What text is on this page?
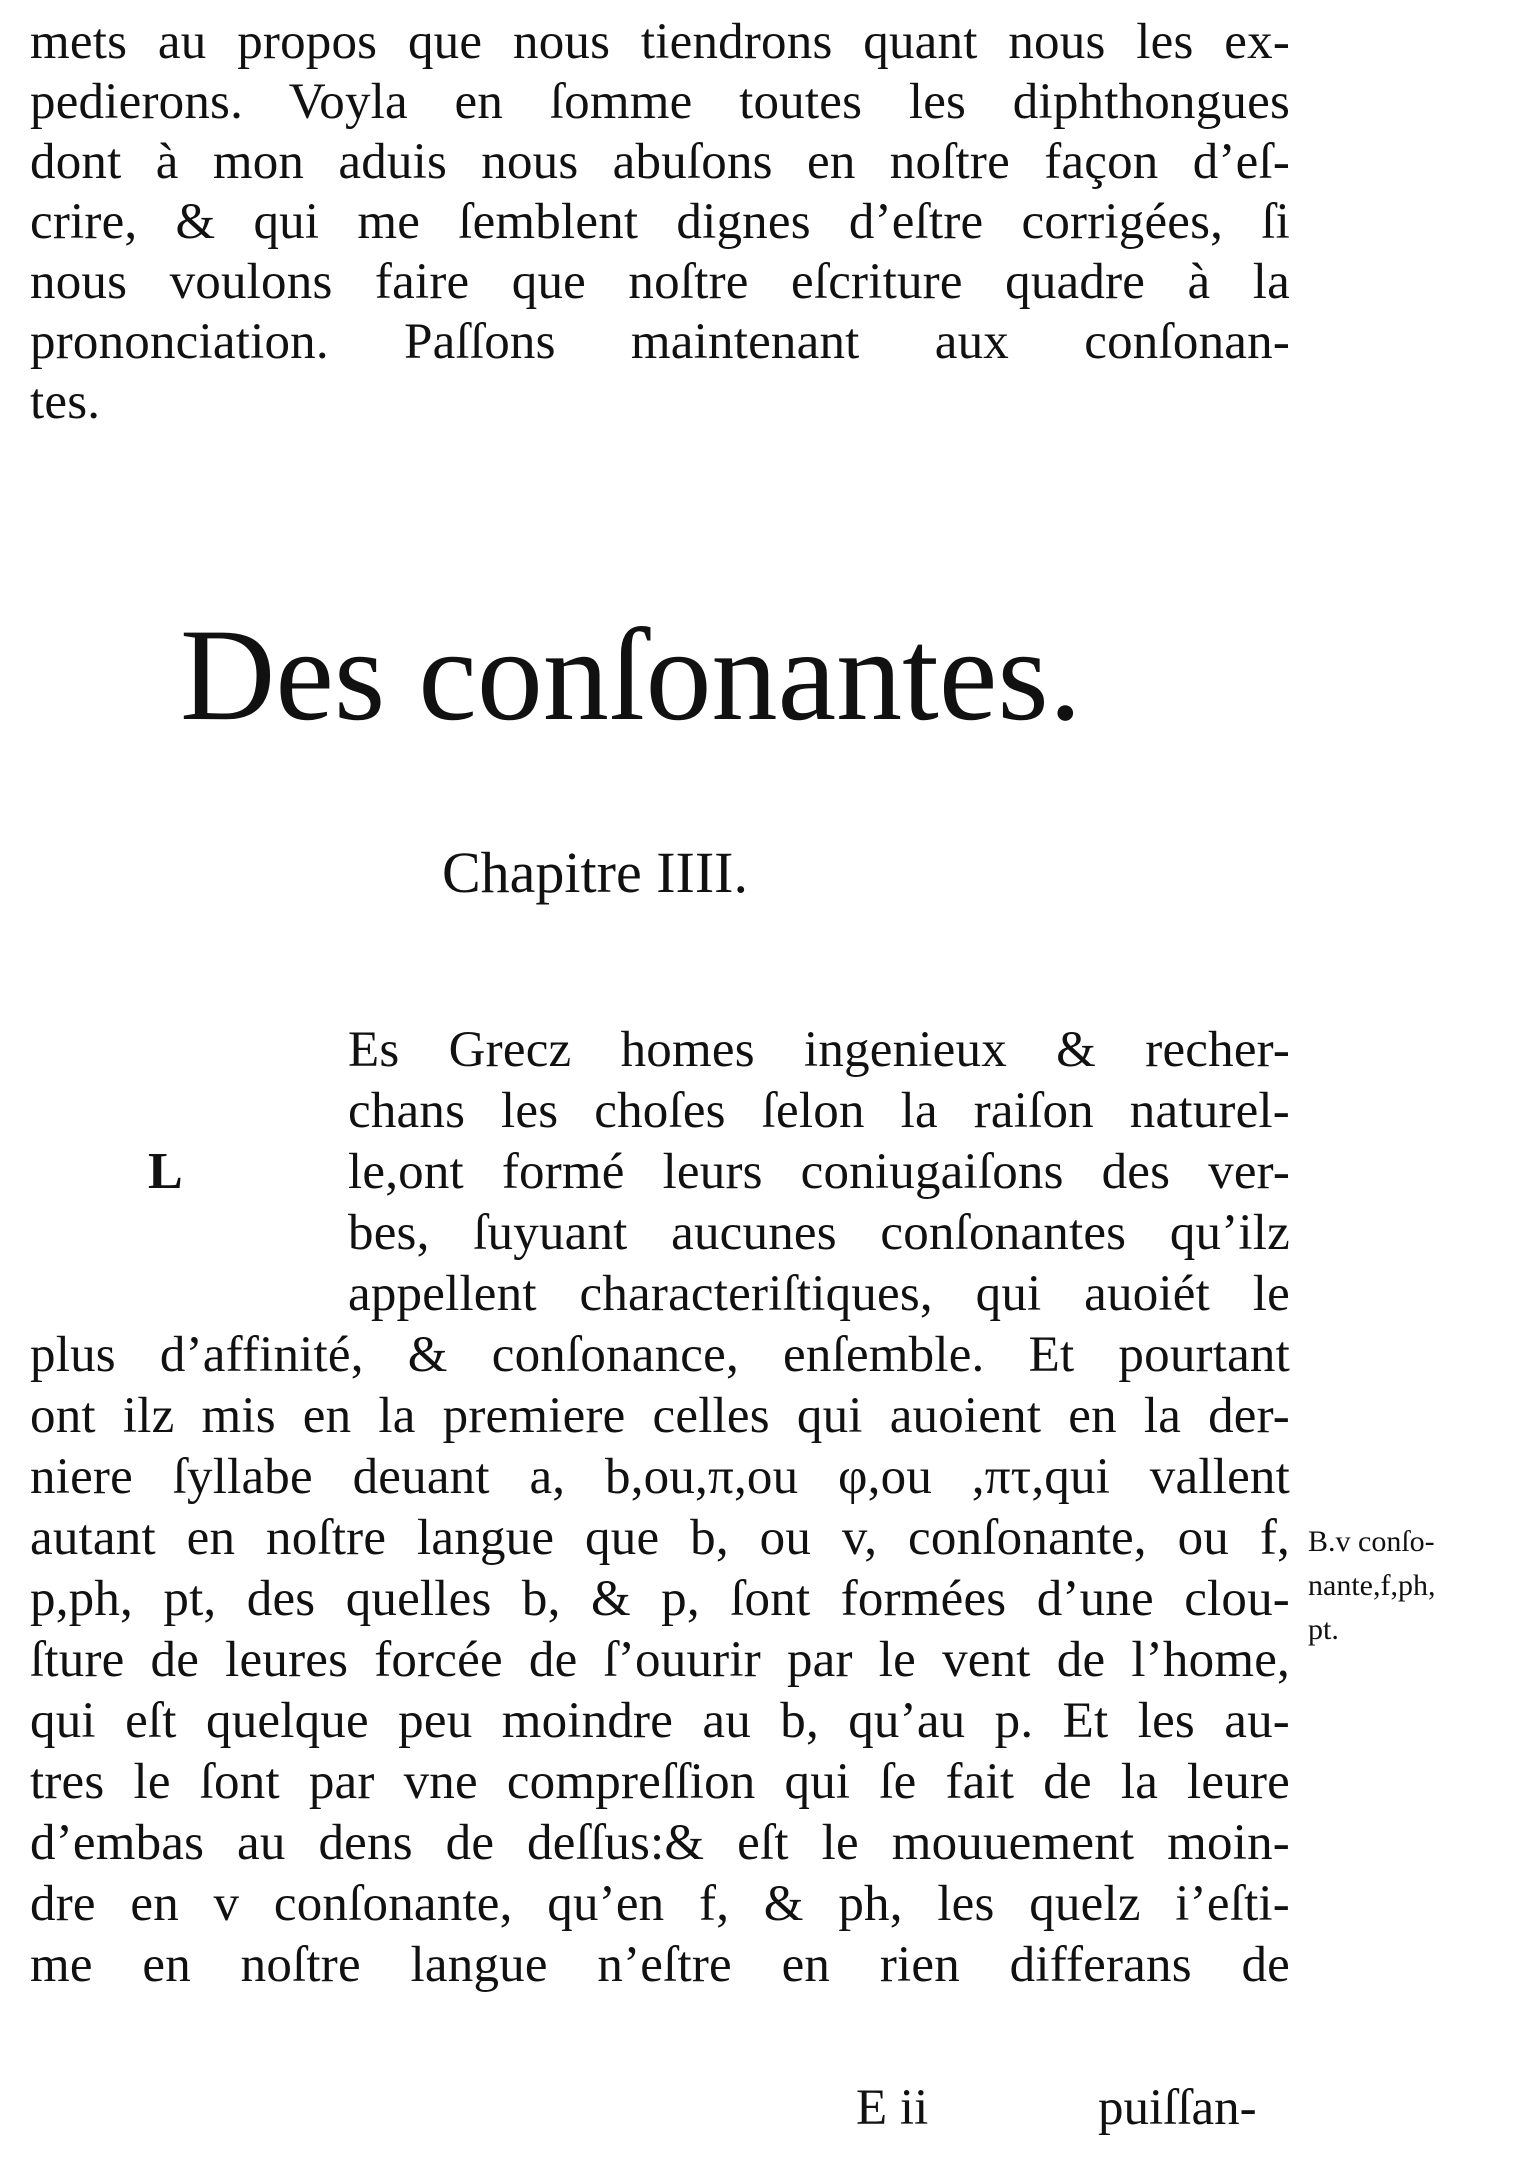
mets au propos que nous tiendrons quant nous les ex-
pedierons. Voyla en ſomme toutes les diphthongues
dont à mon aduis nous abuſons en noſtre façon d’eſ-
crire, & qui me ſemblent dignes d’eſtre corrigées, ſi
nous voulons faire que noſtre eſcriture quadre à la
prononciation. Paſſons maintenant aux conſonan-
tes.
Des conſonantes.
Chapitre IIII.
L
Es Grecz homes ingenieux & recher-
chans les choſes ſelon la raiſon naturel-
le,ont formé leurs coniugaiſons des ver-
bes, ſuyuant aucunes conſonantes qu’ilz
appellent characteriſtiques, qui auoiét le
plus d’affinité, & conſonance, enſemble. Et pourtant
ont ilz mis en la premiere celles qui auoient en la der-
niere ſyllabe deuant a, b,ou,π,ou φ,ou ,πτ,qui vallent
autant en noſtre langue que b, ou v, conſonante, ou f,
p,ph, pt, des quelles b, & p, ſont formées d’une clou-
ſture de leures forcée de ſ’ouurir par le vent de l’home,
qui eſt quelque peu moindre au b, qu’au p. Et les au-
tres le ſont par vne compreſſion qui ſe fait de la leure
d’embas au dens de deſſus:& eſt le mouuement moin-
dre en v conſonante, qu’en f, & ph, les quelz i’eſti-
me en noſtre langue n’eſtre en rien differans de
B.v conſo-
nante,f,ph,
pt.
E ii	puiſſan-
